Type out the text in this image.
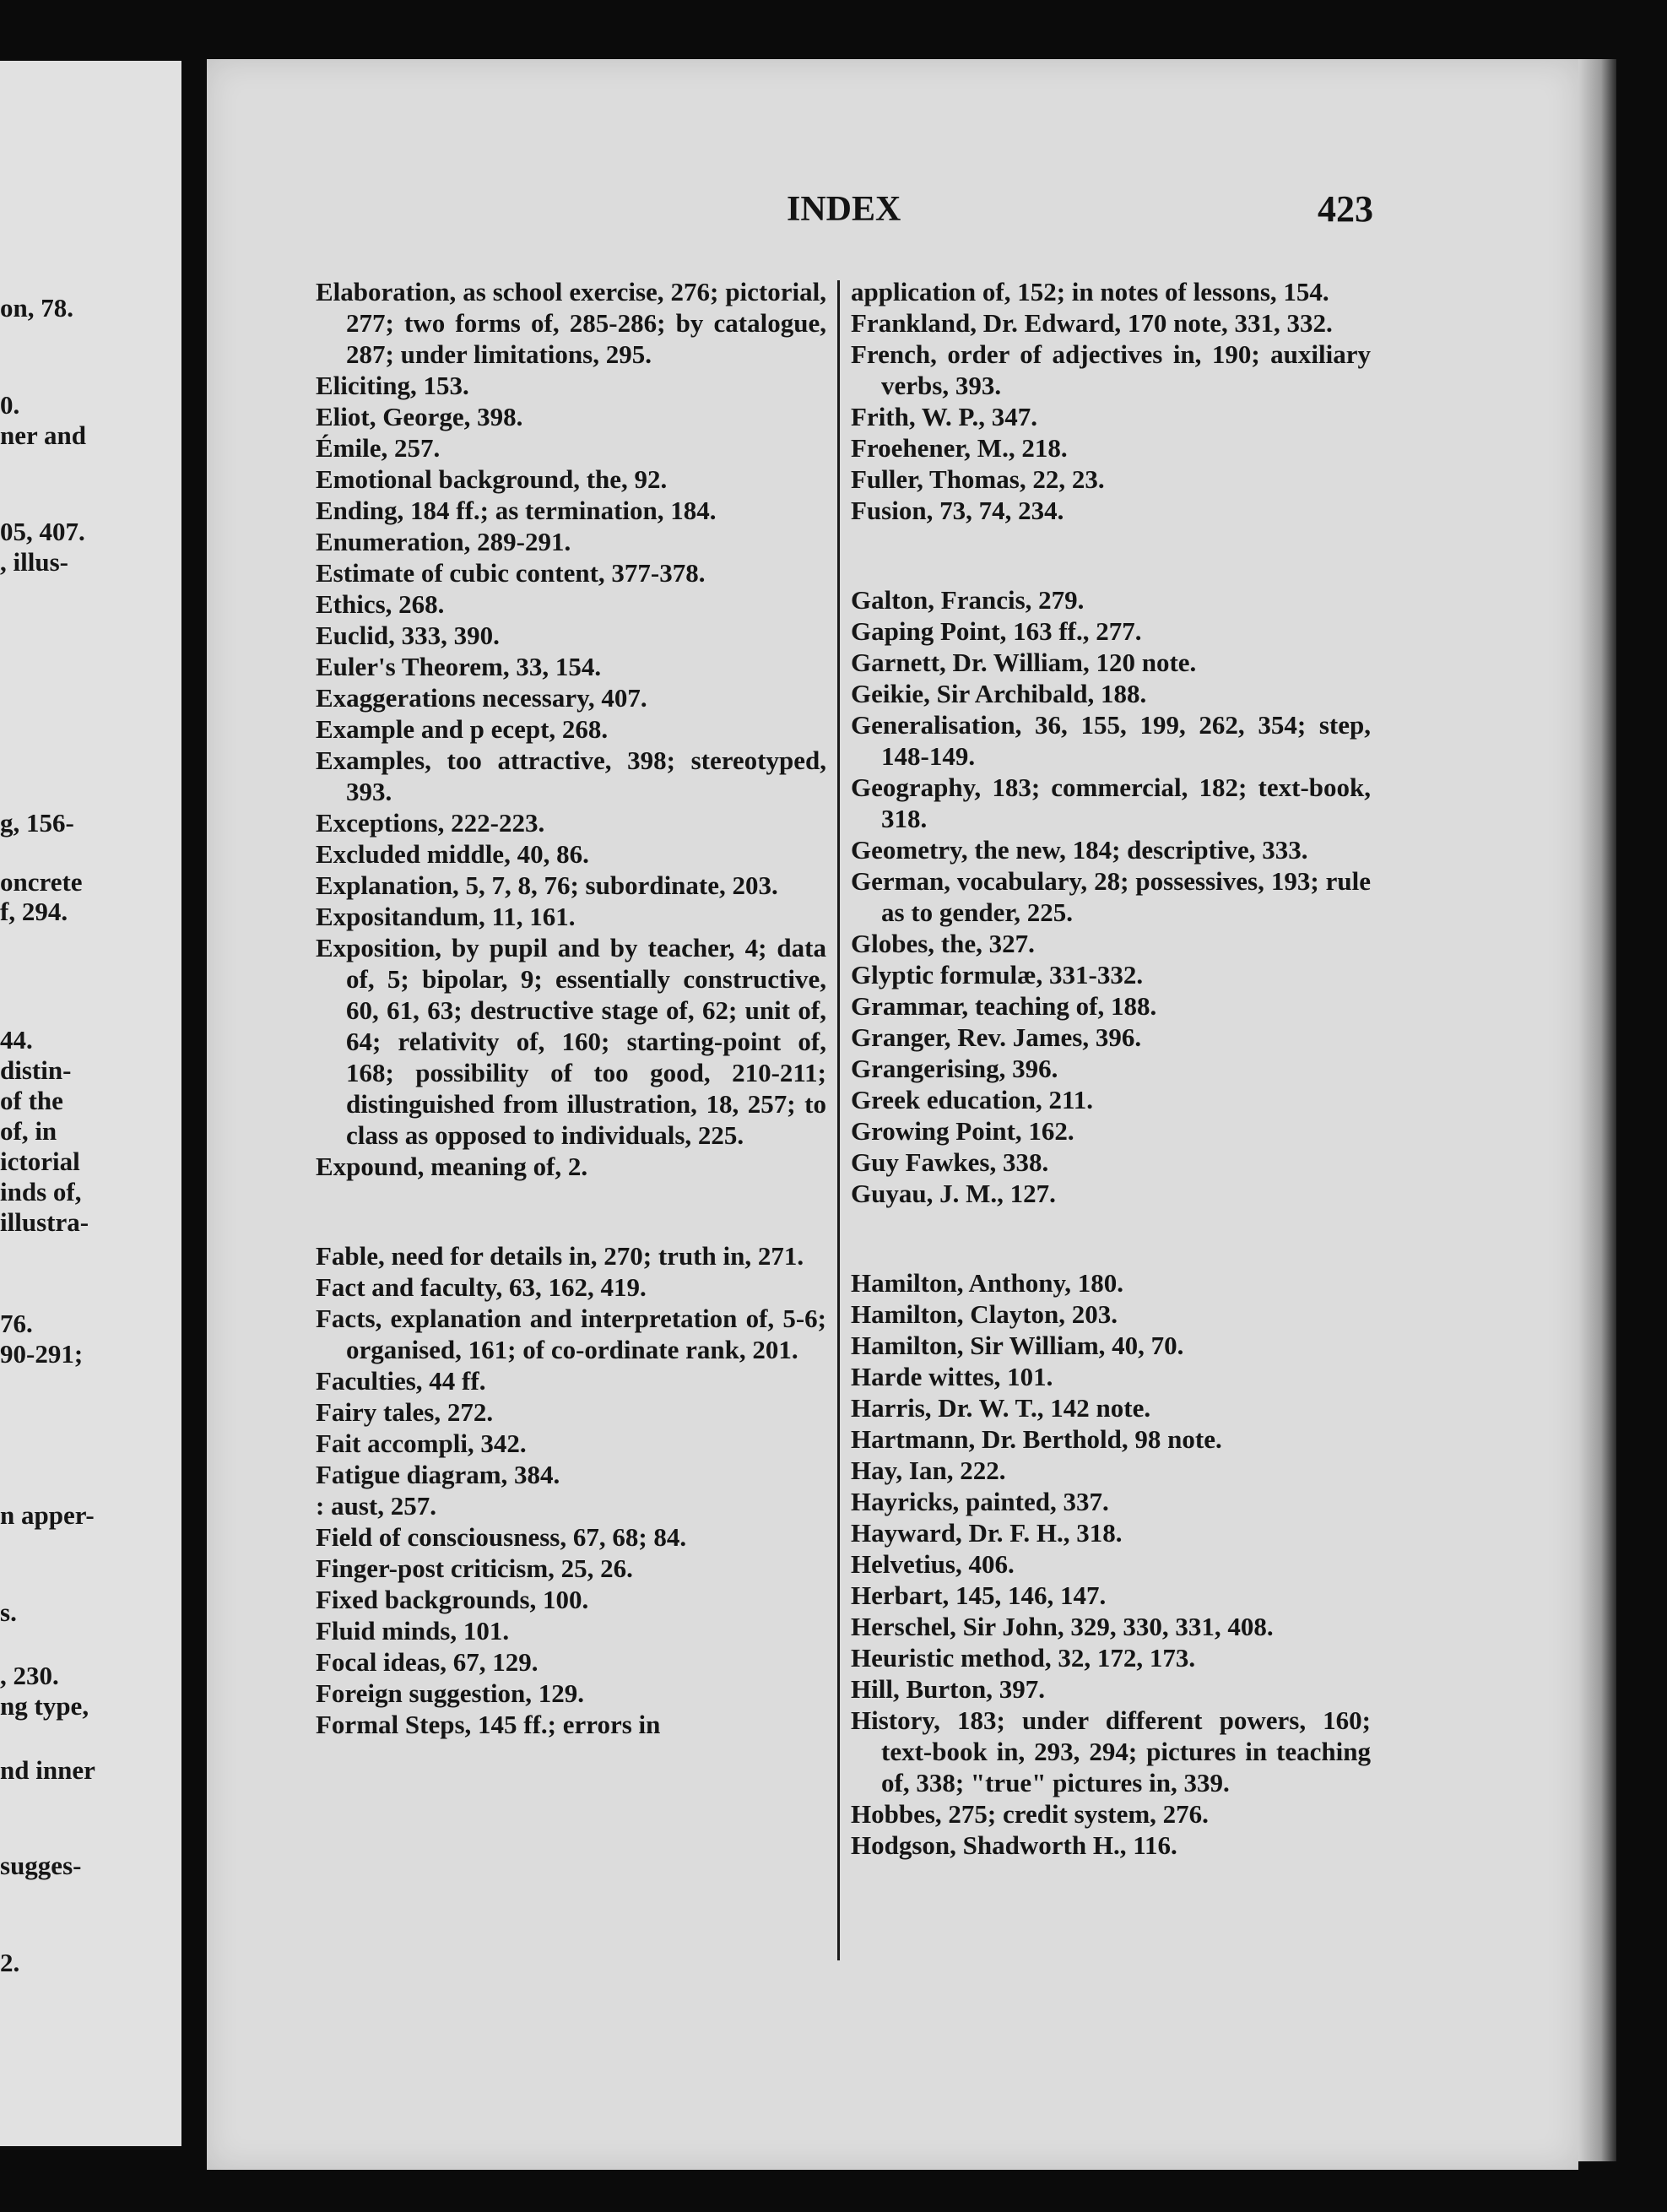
on, 78.
0.
ner and
05, 407.
, illus-
g, 156-
oncrete
f, 294.
44.
distin-
of the
of, in
ictorial
inds of,
illustra-
76.
90-291;
n apper-
s.
, 230.
ng type,
nd inner
sugges-
2.
INDEX	423

Elaboration, as school exercise, 276; pictorial, 277; two forms of, 285-286; by catalogue, 287; under limitations, 295.

Eliciting, 153.

Eliot, George, 398.

Émile, 257.

Emotional background, the, 92.

Ending, 184 ff.; as termination, 184.

Enumeration, 289-291.

Estimate of cubic content, 377-378.

Ethics, 268.

Euclid, 333, 390.

Euler's Theorem, 33, 154.

Exaggerations necessary, 407.

Example and p ecept, 268.

Examples, too attractive, 398; stereotyped, 393.

Exceptions, 222-223.

Excluded middle, 40, 86.

Explanation, 5, 7, 8, 76; subordinate, 203.

Expositandum, 11, 161.

Exposition, by pupil and by teacher, 4; data of, 5; bipolar, 9; essentially constructive, 60, 61, 63; destructive stage of, 62; unit of, 64; relativity of, 160; starting-point of, 168; possibility of too good, 210-211; distinguished from illustration, 18, 257; to class as opposed to individuals, 225.

Expound, meaning of, 2.

Fable, need for details in, 270; truth in, 271.

Fact and faculty, 63, 162, 419.

Facts, explanation and interpretation of, 5-6; organised, 161; of co-ordinate rank, 201.

Faculties, 44 ff.

Fairy tales, 272.

Fait accompli, 342.

Fatigue diagram, 384.

: aust, 257.

Field of consciousness, 67, 68; 84.

Finger-post criticism, 25, 26.

Fixed backgrounds, 100.

Fluid minds, 101.

Focal ideas, 67, 129.

Foreign suggestion, 129.

Formal Steps, 145 ff.; errors in

application of, 152; in notes of lessons, 154.

Frankland, Dr. Edward, 170 note, 331, 332.

French, order of adjectives in, 190; auxiliary verbs, 393.

Frith, W. P., 347.

Froehener, M., 218.

Fuller, Thomas, 22, 23.

Fusion, 73, 74, 234.

Galton, Francis, 279.

Gaping Point, 163 ff., 277.

Garnett, Dr. William, 120 note.

Geikie, Sir Archibald, 188.

Generalisation, 36, 155, 199, 262, 354; step, 148-149.

Geography, 183; commercial, 182; text-book, 318.

Geometry, the new, 184; descriptive, 333.

German, vocabulary, 28; possessives, 193; rule as to gender, 225.

Globes, the, 327.

Glyptic formulæ, 331-332.

Grammar, teaching of, 188.

Granger, Rev. James, 396.

Grangerising, 396.

Greek education, 211.

Growing Point, 162.

Guy Fawkes, 338.

Guyau, J. M., 127.

Hamilton, Anthony, 180.

Hamilton, Clayton, 203.

Hamilton, Sir William, 40, 70.

Harde wittes, 101.

Harris, Dr. W. T., 142 note.

Hartmann, Dr. Berthold, 98 note.

Hay, Ian, 222.

Hayricks, painted, 337.

Hayward, Dr. F. H., 318.

Helvetius, 406.

Herbart, 145, 146, 147.

Herschel, Sir John, 329, 330, 331, 408.

Heuristic method, 32, 172, 173.

Hill, Burton, 397.

History, 183; under different powers, 160; text-book in, 293, 294; pictures in teaching of, 338; "true" pictures in, 339.

Hobbes, 275; credit system, 276.

Hodgson, Shadworth H., 116.
